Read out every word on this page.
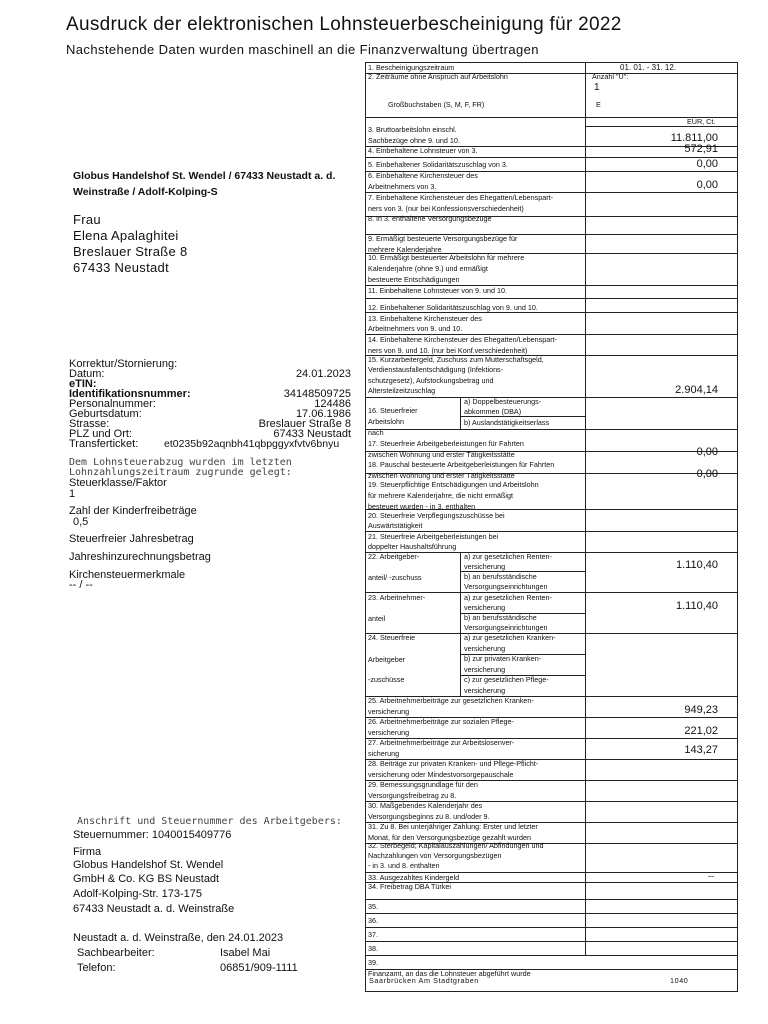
Ausdruck der elektronischen Lohnsteuerbescheinigung für 2022
Nachstehende Daten wurden maschinell an die Finanzverwaltung übertragen
Globus Handelshof St. Wendel / 67433 Neustadt a. d. Weinstraße / Adolf-Kolping-S
Frau
Elena Apalaghitei
Breslauer Straße 8
67433 Neustadt
Korrektur/Stornierung:
Datum:	24.01.2023
eTIN:
Identifikationsnummer:	34148509725
Personalnummer:	124486
Geburtsdatum:	17.06.1986
Strasse:	Breslauer Straße 8
PLZ und Ort:	67433 Neustadt
Transferticket: et0235b92aqnbh41qbpggyxfvtv6bnyu
Dem Lohnsteuerabzug wurden im letzten
Lohnzahlungszeitraum zugrunde gelegt:
Steuerklasse/Faktor
1
Zahl der Kinderfreibeträge
0,5
Steuerfreier Jahresbetrag
Jahreshinzurechnungsbetrag
Kirchensteuermerkmale
-- / --
Anschrift und Steuernummer des Arbeitgebers:
Steuernummer: 1040015409776
Firma
Globus Handelshof St. Wendel
GmbH & Co. KG BS Neustadt
Adolf-Kolping-Str. 173-175
67433 Neustadt a. d. Weinstraße
Neustadt a. d. Weinstraße, den 24.01.2023
Sachbearbeiter:	Isabel Mai
Telefon:	06851/909-1111
1. Bescheinigungszeitraum	01. 01. - 31. 12.
2. Zeiträume ohne Anspruch auf Arbeitslohn	Anzahl "U":
1
Großbuchstaben (S, M, F, FR)	E
EUR, Ct.
3. Bruttoarbeitslohn einschl.
Sachbezüge ohne 9. und 10.	11.811,00
4. Einbehaltene Lohnsteuer von 3.	572,91
5. Einbehaltener Solidaritätszuschlag von 3.	0,00
6. Einbehaltene Kirchensteuer des
Arbeitnehmers von 3.	0,00
7. Einbehaltene Kirchensteuer des Ehegatten/Lebenspart-
ners von 3. (nur bei Konfessionsverschiedenheit)
8. In 3. enthaltene Versorgungsbezüge
9. Ermäßigt besteuerte Versorgungsbezüge für
mehrere Kalenderjahre
10. Ermäßigt besteuerter Arbeitslohn für mehrere
Kalenderjahre (ohne 9.) und ermäßigt
besteuerte Entschädigungen
11. Einbehaltene Lohnsteuer von 9. und 10.
12. Einbehaltener Solidaritätszuschlag von 9. und 10.
13. Einbehaltene Kirchensteuer des
Arbeitnehmers von 9. und 10.
14. Einbehaltene Kirchensteuer des Ehegatten/Lebenspart-
ners von 9. und 10. (nur bei Konf.verschiedenheit)
15. Kurzarbeitergeld, Zuschuss zum Mutterschaftsgeld,
Verdienstausfallentschädigung (Infektions-
schutzgesetz), Aufstockungsbetrag und
Altersteilzeitzuschlag	2.904,14
16. Steuerfreier
Arbeitslohn
nach
a) Doppelbesteuerungs-
abkommen (DBA)
b) Auslandstätigkeitserlass
17. Steuerfreie Arbeitgeberleistungen für Fahrten
zwischen Wohnung und erster Tätigkeitsstätte	0,00
18. Pauschal besteuerte Arbeitgeberleistungen für Fahrten
zwischen Wohnung und erster Tätigkeitsstätte	0,00
19. Steuerpflichtige Entschädigungen und Arbeitslohn
für mehrere Kalenderjahre, die nicht ermäßigt
besteuert wurden - in 3. enthalten
20. Steuerfreie Verpflegungszuschüsse bei
Auswärtstätigkeit
21. Steuerfreie Arbeitgeberleistungen bei
doppelter Haushaltsführung
22. Arbeitgeber-
anteil/ -zuschuss
a) zur gesetzlichen Renten-
versicherung
b) an berufsständische
Versorgungseinrichtungen
1.110,40
23. Arbeitnehmer-
anteil
a) zur gesetzlichen Renten-
versicherung
b) an berufsständische
Versorgungseinrichtungen
1.110,40
24. Steuerfreie
Arbeitgeber
-zuschüsse
a) zur gesetzlichen Kranken-
versicherung
b) zur privaten Kranken-
versicherung
c) zur gesetzlichen Pflege-
versicherung
25. Arbeitnehmerbeiträge zur gesetzlichen Kranken-
versicherung	949,23
26. Arbeitnehmerbeiträge zur sozialen Pflege-
versicherung	221,02
27. Arbeitnehmerbeiträge zur Arbeitslosenver-
sicherung	143,27
28. Beiträge zur privaten Kranken- und Pflege-Pflicht-
versicherung oder Mindestvorsorgepauschale
29. Bemessungsgrundlage für den
Versorgungsfreibetrag zu 8.
30. Maßgebendes Kalenderjahr des
Versorgungsbeginns zu 8. und/oder 9.
31. Zu 8. Bei unterjähriger Zahlung: Erster und letzter
Monat, für den Versorgungsbezüge gezahlt wurden
32. Sterbegeld; Kapitalauszahlungen/ Abfindungen und
Nachzahlungen von Versorgungsbezügen
- in 3. und 8. enthalten
33. Ausgezahltes Kindergeld	--
34. Freibetrag DBA Türkei
35.
36.
37.
38.
39.
Finanzamt, an das die Lohnsteuer abgeführt wurde
Saarbrücken Am Stadtgraben	1040
